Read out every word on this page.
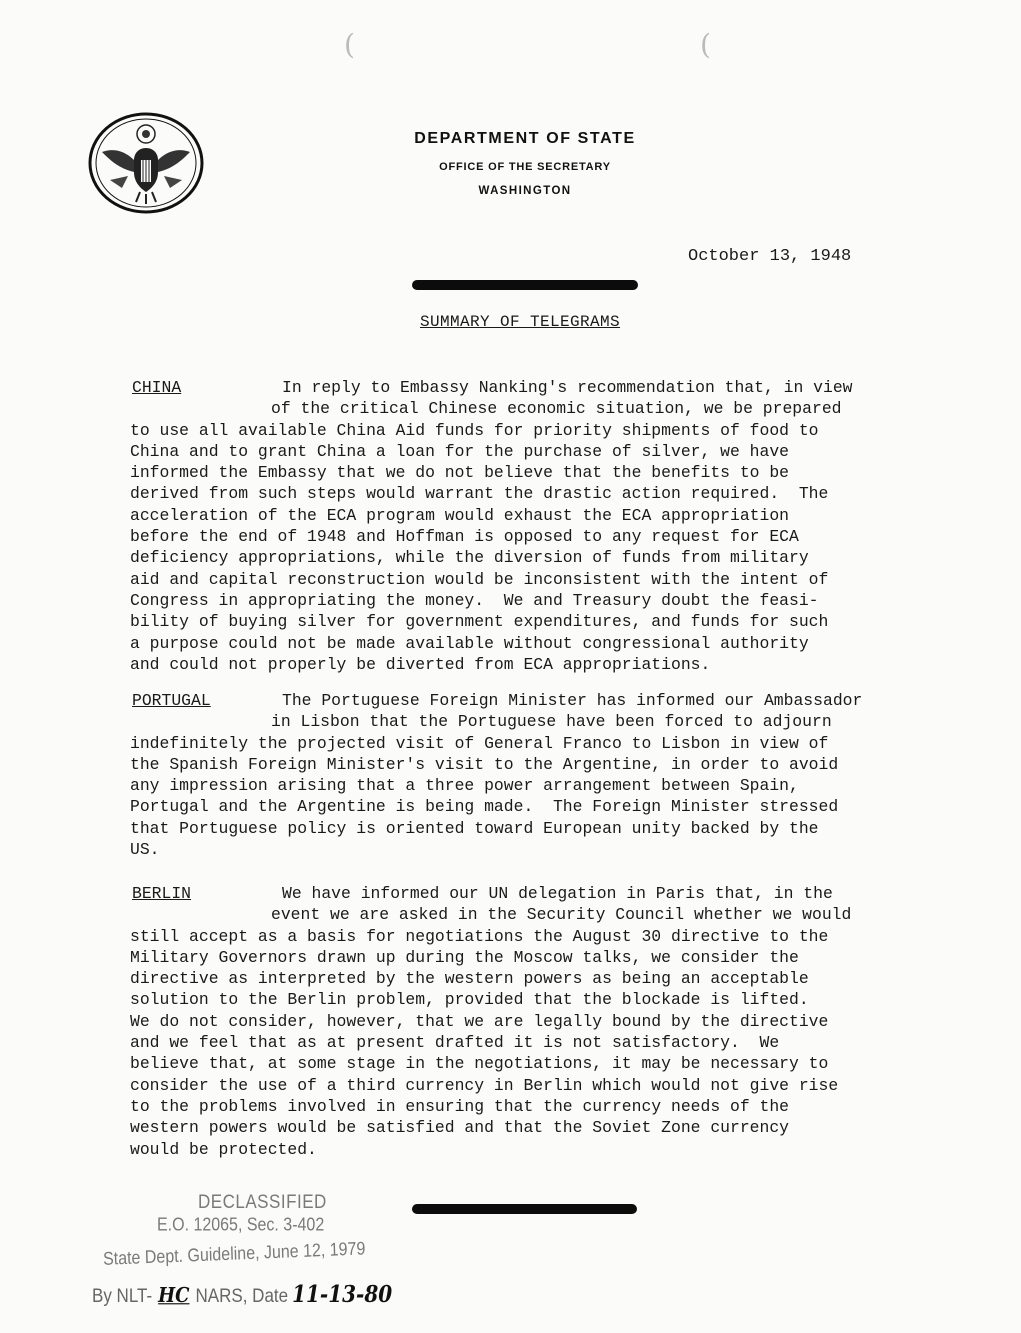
(	(
DEPARTMENT OF STATE
OFFICE OF THE SECRETARY
WASHINGTON
October 13, 1948
SUMMARY OF TELEGRAMS
CHINA	In reply to Embassy Nanking's recommendation that, in view
of the critical Chinese economic situation, we be prepared
to use all available China Aid funds for priority shipments of food to
China and to grant China a loan for the purchase of silver, we have
informed the Embassy that we do not believe that the benefits to be
derived from such steps would warrant the drastic action required.  The
acceleration of the ECA program would exhaust the ECA appropriation
before the end of 1948 and Hoffman is opposed to any request for ECA
deficiency appropriations, while the diversion of funds from military
aid and capital reconstruction would be inconsistent with the intent of
Congress in appropriating the money.  We and Treasury doubt the feasi-
bility of buying silver for government expenditures, and funds for such
a purpose could not be made available without congressional authority
and could not properly be diverted from ECA appropriations.
PORTUGAL	The Portuguese Foreign Minister has informed our Ambassador
in Lisbon that the Portuguese have been forced to adjourn
indefinitely the projected visit of General Franco to Lisbon in view of
the Spanish Foreign Minister's visit to the Argentine, in order to avoid
any impression arising that a three power arrangement between Spain,
Portugal and the Argentine is being made.  The Foreign Minister stressed
that Portuguese policy is oriented toward European unity backed by the
US.
BERLIN	We have informed our UN delegation in Paris that, in the
event we are asked in the Security Council whether we would
still accept as a basis for negotiations the August 30 directive to the
Military Governors drawn up during the Moscow talks, we consider the
directive as interpreted by the western powers as being an acceptable
solution to the Berlin problem, provided that the blockade is lifted.
We do not consider, however, that we are legally bound by the directive
and we feel that as at present drafted it is not satisfactory.  We
believe that, at some stage in the negotiations, it may be necessary to
consider the use of a third currency in Berlin which would not give rise
to the problems involved in ensuring that the currency needs of the
western powers would be satisfied and that the Soviet Zone currency
would be protected.
DECLASSIFIED
E.O. 12065, Sec. 3-402
State Dept. Guideline, June 12, 1979
By NLT- HC NARS, Date 11-13-80
